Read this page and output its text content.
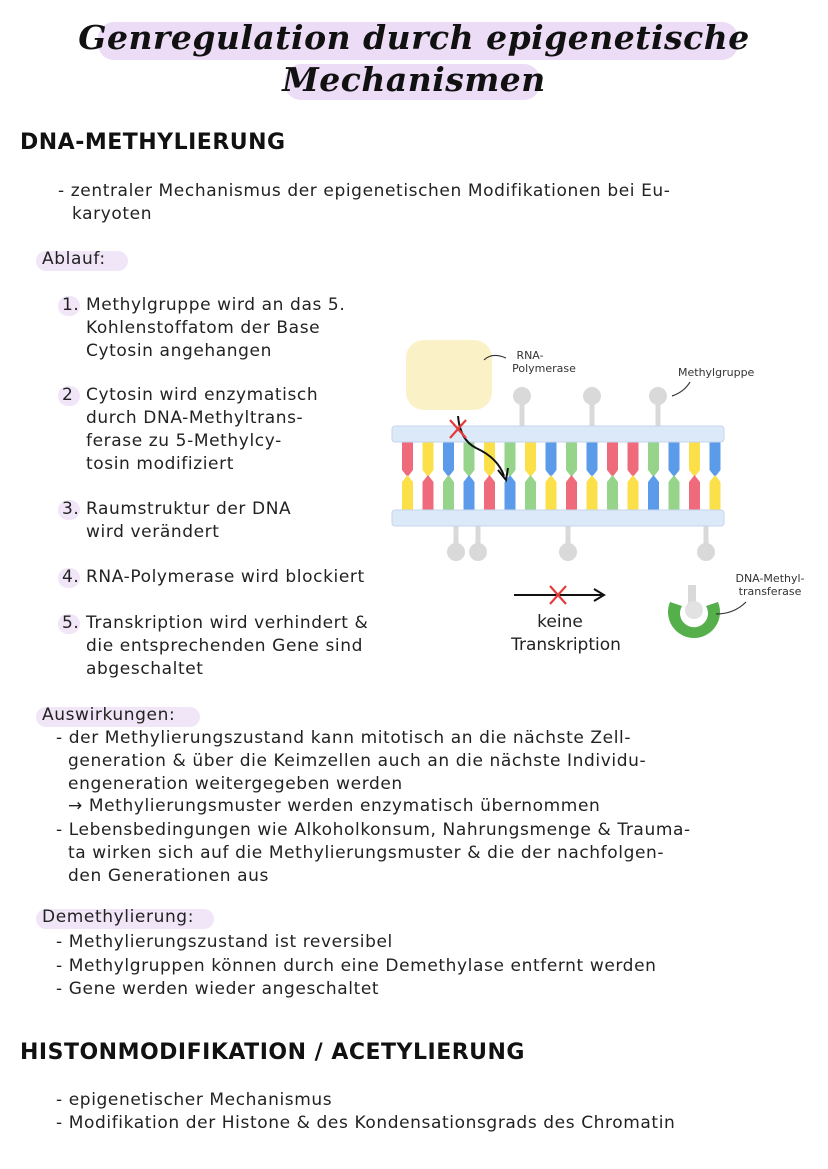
Genregulation durch epigenetische
Mechanismen
DNA-METHYLIERUNG
- zentraler Mechanismus der epigenetischen Modifikationen bei Eu-
karyoten
Ablauf:
1. Methylgruppe wird an das 5.
Kohlenstoffatom der Base
Cytosin angehangen
2 Cytosin wird enzymatisch
durch DNA-Methyltrans-
ferase zu 5-Methylcy-
tosin modifiziert
3. Raumstruktur der DNA
wird verändert
4. RNA-Polymerase wird blockiert
5. Transkription wird verhindert &
die entsprechenden Gene sind
abgeschaltet
RNA-
Polymerase	Methylgruppe
keine
Transkription
DNA-Methyl-
transferase
Auswirkungen:
- der Methylierungszustand kann mitotisch an die nächste Zell-
generation & über die Keimzellen auch an die nächste Individu-
engeneration weitergegeben werden
→ Methylierungsmuster werden enzymatisch übernommen
- Lebensbedingungen wie Alkoholkonsum, Nahrungsmenge & Trauma-
ta wirken sich auf die Methylierungsmuster & die der nachfolgen-
den Generationen aus
Demethylierung:
- Methylierungszustand ist reversibel
- Methylgruppen können durch eine Demethylase entfernt werden
- Gene werden wieder angeschaltet
HISTONMODIFIKATION / ACETYLIERUNG
- epigenetischer Mechanismus
- Modifikation der Histone & des Kondensationsgrads des Chromatin
